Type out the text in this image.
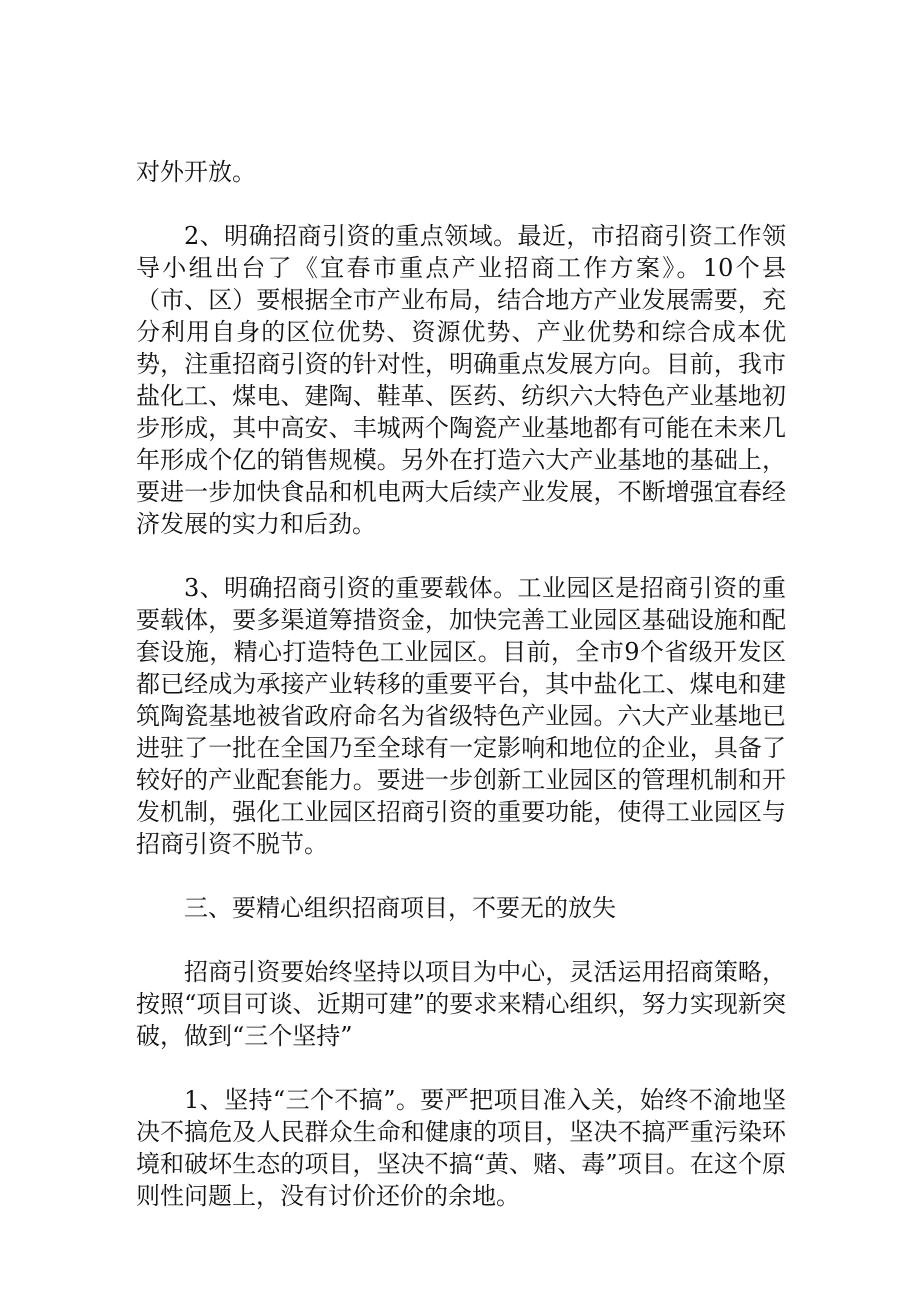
对外开放。

2、明确招商引资的重点领域。最近，市招商引资工作领导小组出台了《宜春市重点产业招商工作方案》。10个县（市、区）要根据全市产业布局，结合地方产业发展需要，充分利用自身的区位优势、资源优势、产业优势和综合成本优势，注重招商引资的针对性，明确重点发展方向。目前，我市盐化工、煤电、建陶、鞋革、医药、纺织六大特色产业基地初步形成，其中高安、丰城两个陶瓷产业基地都有可能在未来几年形成个亿的销售规模。另外在打造六大产业基地的基础上，要进一步加快食品和机电两大后续产业发展，不断增强宜春经济发展的实力和后劲。

3、明确招商引资的重要载体。工业园区是招商引资的重要载体，要多渠道筹措资金，加快完善工业园区基础设施和配套设施，精心打造特色工业园区。目前，全市9个省级开发区都已经成为承接产业转移的重要平台，其中盐化工、煤电和建筑陶瓷基地被省政府命名为省级特色产业园。六大产业基地已进驻了一批在全国乃至全球有一定影响和地位的企业，具备了较好的产业配套能力。要进一步创新工业园区的管理机制和开发机制，强化工业园区招商引资的重要功能，使得工业园区与招商引资不脱节。

三、要精心组织招商项目，不要无的放失

招商引资要始终坚持以项目为中心，灵活运用招商策略，按照“项目可谈、近期可建”的要求来精心组织，努力实现新突破，做到“三个坚持”

1、坚持“三个不搞”。要严把项目准入关，始终不渝地坚决不搞危及人民群众生命和健康的项目，坚决不搞严重污染环境和破坏生态的项目，坚决不搞“黄、赌、毒”项目。在这个原则性问题上，没有讨价还价的余地。
